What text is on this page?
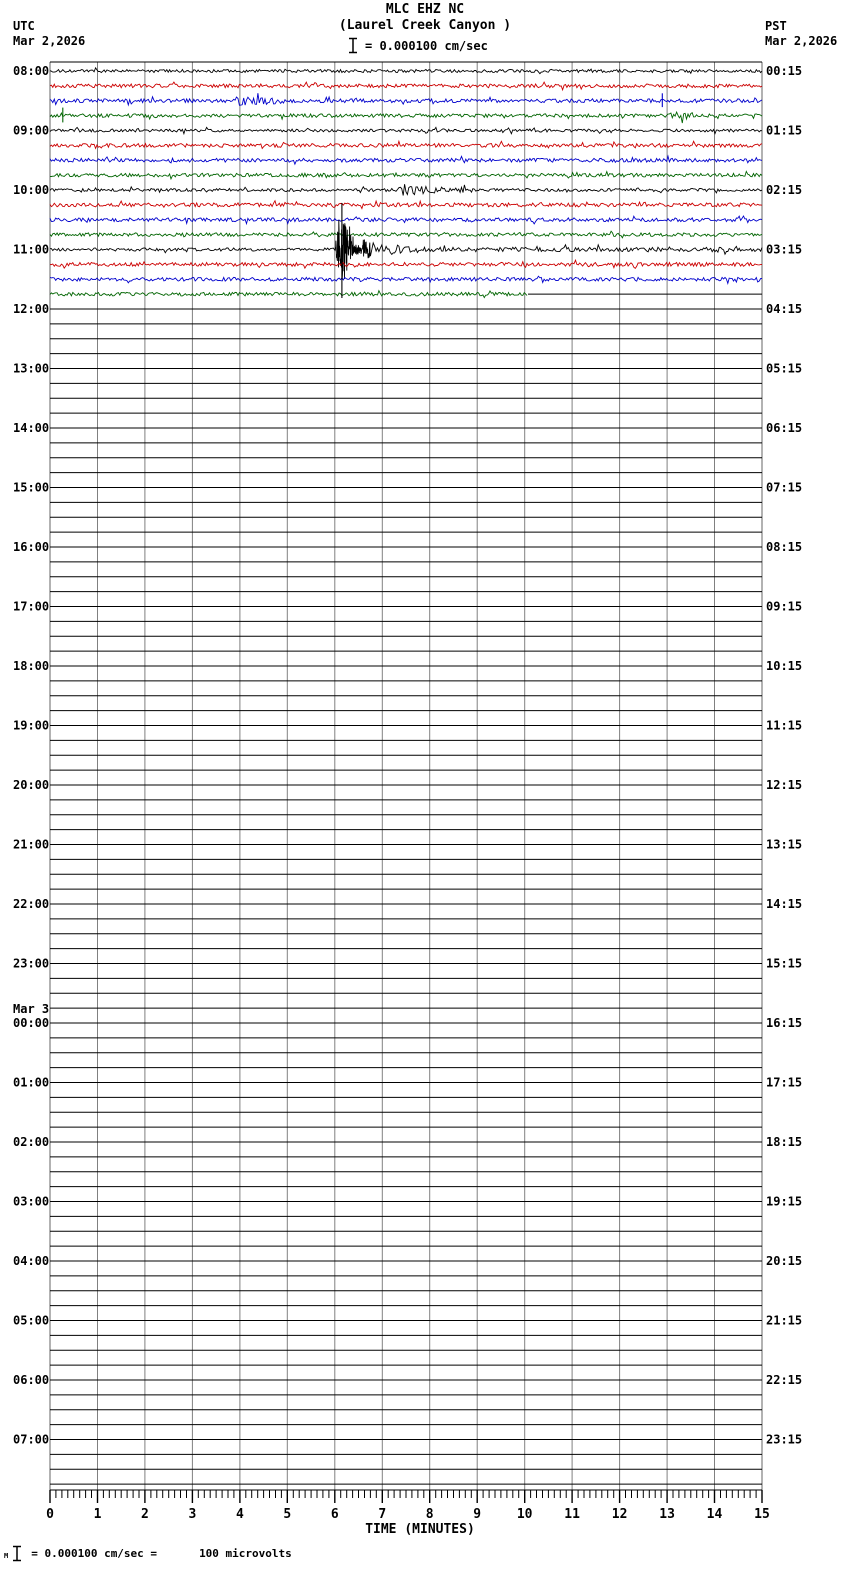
MLC EHZ NC
(Laurel Creek Canyon )
UTC
Mar 2,2026
PST
Mar 2,2026
= 0.000100 cm/sec
0	1	2	3	4	5	6	7	8	9	10 11 12 13 14 15
TIME (MINUTES)
08:00	00:15
09:00	01:15
10:00	02:15
11:00	03:15
12:00	04:15
13:00	05:15
14:00	06:15
15:00	07:15
16:00	08:15
17:00	09:15
18:00	10:15
19:00	11:15
20:00	12:15
21:00	13:15
22:00	14:15
23:00	15:15
00:00	16:15
Mar 3
01:00	17:15
02:00	18:15
03:00	19:15
04:00	20:15
05:00	21:15
06:00	22:15
07:00	23:15
M = 0.000100 cm/sec =	100 microvolts
